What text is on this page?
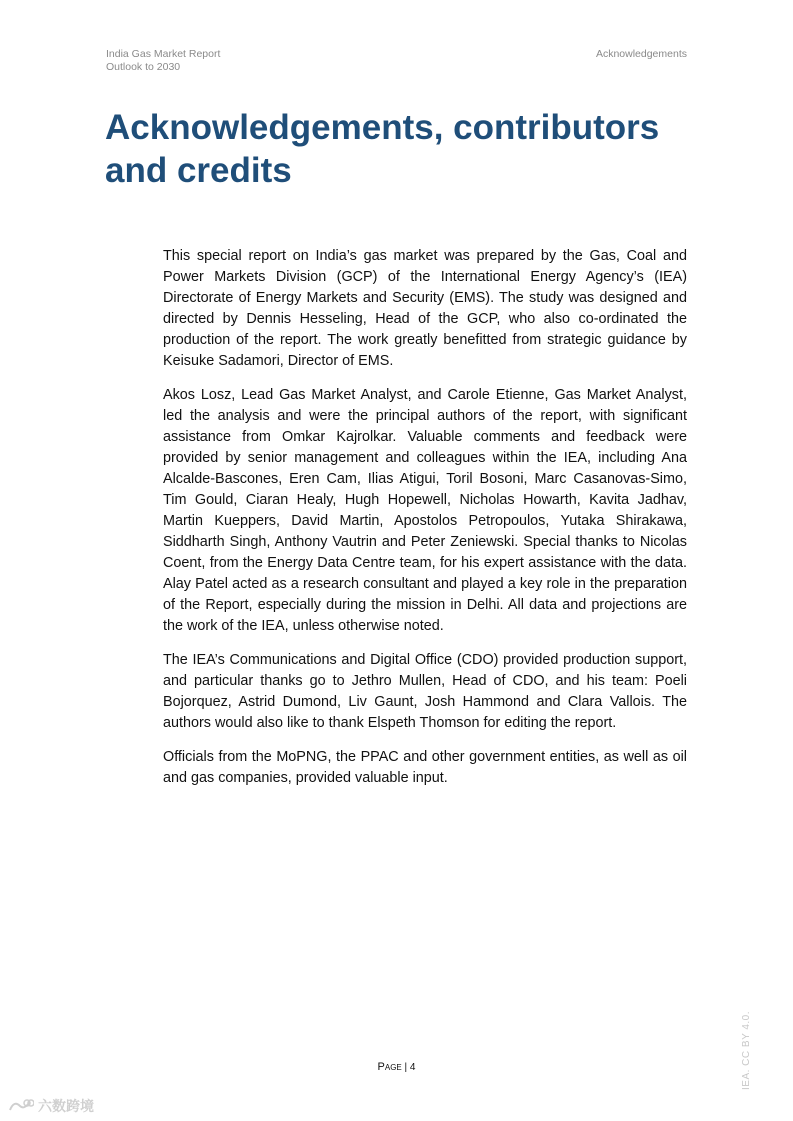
India Gas Market Report
Outlook to 2030
Acknowledgements
Acknowledgements, contributors
and credits

This special report on India’s gas market was prepared by the Gas, Coal and Power Markets Division (GCP) of the International Energy Agency’s (IEA) Directorate of Energy Markets and Security (EMS). The study was designed and directed by Dennis Hesseling, Head of the GCP, who also co-ordinated the production of the report. The work greatly benefitted from strategic guidance by Keisuke Sadamori, Director of EMS.

Akos Losz, Lead Gas Market Analyst, and Carole Etienne, Gas Market Analyst, led the analysis and were the principal authors of the report, with significant assistance from Omkar Kajrolkar. Valuable comments and feedback were provided by senior management and colleagues within the IEA, including Ana Alcalde-Bascones, Eren Cam, Ilias Atigui, Toril Bosoni, Marc Casanovas-Simo, Tim Gould, Ciaran Healy, Hugh Hopewell, Nicholas Howarth, Kavita Jadhav, Martin Kueppers, David Martin, Apostolos Petropoulos, Yutaka Shirakawa, Siddharth Singh, Anthony Vautrin and Peter Zeniewski. Special thanks to Nicolas Coent, from the Energy Data Centre team, for his expert assistance with the data. Alay Patel acted as a research consultant and played a key role in the preparation of the Report, especially during the mission in Delhi. All data and projections are the work of the IEA, unless otherwise noted.

The IEA’s Communications and Digital Office (CDO) provided production support, and particular thanks go to Jethro Mullen, Head of CDO, and his team: Poeli Bojorquez, Astrid Dumond, Liv Gaunt, Josh Hammond and Clara Vallois. The authors would also like to thank Elspeth Thomson for editing the report.

Officials from the MoPNG, the PPAC and other government entities, as well as oil and gas companies, provided valuable input.

Page | 4	IEA. CC BY 4.0.
六数跨境
